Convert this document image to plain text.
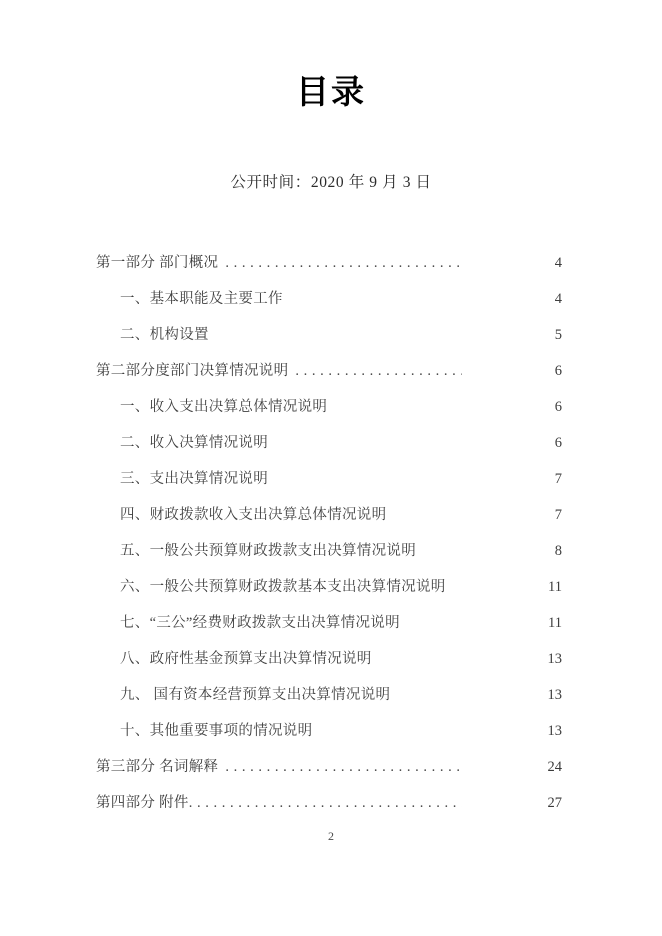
目录
公开时间：2020 年 9 月 3 日
第一部分 部门概况 . . .	4
一、基本职能及主要工作	4
二、机构设置	5
第二部分度部门决算情况说明 . . .	6
一、收入支出决算总体情况说明	6
二、收入决算情况说明	6
三、支出决算情况说明	7
四、财政拨款收入支出决算总体情况说明	7
五、一般公共预算财政拨款支出决算情况说明	8
六、一般公共预算财政拨款基本支出决算情况说明	11
七、“三公”经费财政拨款支出决算情况说明	11
八、政府性基金预算支出决算情况说明	13
九、 国有资本经营预算支出决算情况说明	13
十、其他重要事项的情况说明	13
第三部分 名词解释 . . .	24
第四部分 附件 . . .	27
2
